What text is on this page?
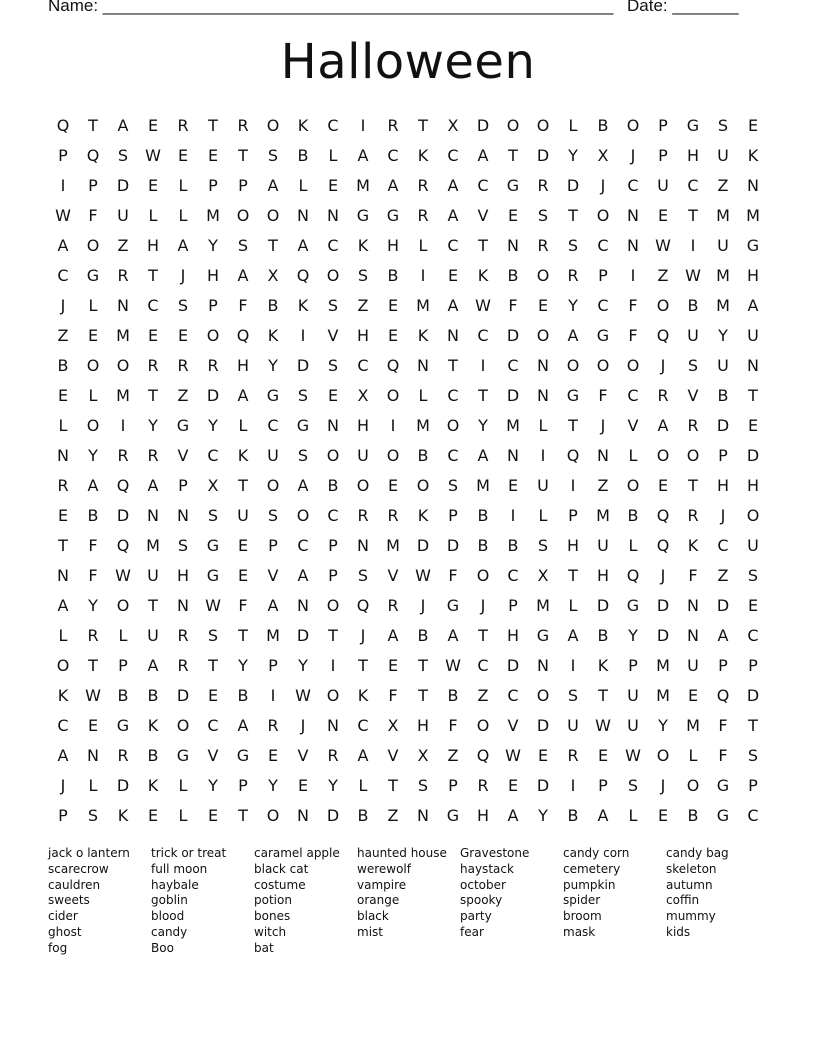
Name: ______________________________________________________ Date: _______
Halloween
Q	T	A	E	R	T	R	O	K	C	I	R	T	X	D	O	O	L	B	O	P	G	S	E
P	Q	S	W	E	E	T	S	B	L	A	C	K	C	A	T	D	Y	X	J	P	H	U	K
I	P	D	E	L	P	P	A	L	E	M	A	R	A	C	G	R	D	J	C	U	C	Z	N
W	F	U	L	L	M	O	O	N	N	G	G	R	A	V	E	S	T	O	N	E	T	M	M
A	O	Z	H	A	Y	S	T	A	C	K	H	L	C	T	N	R	S	C	N	W	I	U	G
C	G	R	T	J	H	A	X	Q	O	S	B	I	E	K	B	O	R	P	I	Z	W M	H
J	L	N	C	S	P	F	B	K	S	Z	E	M	A	W	F	E	Y	C	F	O	B	M	A
Z	E	M	E	E	O	Q	K	I	V	H	E	K	N	C	D	O	A	G	F	Q	U	Y	U
B	O	O	R	R	R	H	Y	D	S	C	Q	N	T	I	C	N	O	O	O	J	S	U	N
E	L	M	T	Z	D	A	G	S	E	X	O	L	C	T	D	N	G	F	C	R	V	B	T
L	O	I	Y	G	Y	L	C	G	N	H	I	M	O	Y	M	L	T	J	V	A	R	D	E
N	Y	R	R	V	C	K	U	S	O	U	O	B	C	A	N	I	Q	N	L	O	O	P	D
R	A	Q	A	P	X	T	O	A	B	O	E	O	S	M	E	U	I	Z	O	E	T	H	H
E	B	D	N	N	S	U	S	O	C	R	R	K	P	B	I	L	P	M	B	Q	R	J	O
T	F	Q	M	S	G	E	P	C	P	N	M	D	D	B	B	S	H	U	L	Q	K	C	U
N	F	W	U	H	G	E	V	A	P	S	V	W	F	O	C	X	T	H	Q	J	F	Z	S
A	Y	O	T	N	W	F	A	N	O	Q	R	J	G	J	P	M	L	D	G	D	N	D	E
L	R	L	U	R	S	T	M	D	T	J	A	B	A	T	H	G	A	B	Y	D	N	A	C
O	T	P	A	R	T	Y	P	Y	I	T	E	T	W	C	D	N	I	K	P	M	U	P	P
K	W	B	B	D	E	B	I	W O	K	F	T	B	Z	C	O	S	T	U	M	E	Q	D
C	E	G	K	O	C	A	R	J	N	C	X	H	F	O	V	D	U	W	U	Y	M	F	T
A	N	R	B	G	V	G	E	V	R	A	V	X	Z	Q W	E	R	E	W O	L	F	S
J	L	D	K	L	Y	P	Y	E	Y	L	T	S	P	R	E	D	I	P	S	J	O	G	P
P	S	K	E	L	E	T	O	N	D	B	Z	N	G	H	A	Y	B	A	L	E	B	G	C
jack o lantern	trick or treat	caramel apple	haunted house	Gravestone	candy corn	candy bag
scarecrow	full moon	black cat	werewolf	haystack	cemetery	skeleton
cauldren	haybale	costume	vampire	october	pumpkin	autumn
sweets	goblin	potion	orange	spooky	spider	coffin
cider	blood	bones	black	party	broom	mummy
ghost	candy	witch	mist	fear	mask	kids
fog	Boo	bat
